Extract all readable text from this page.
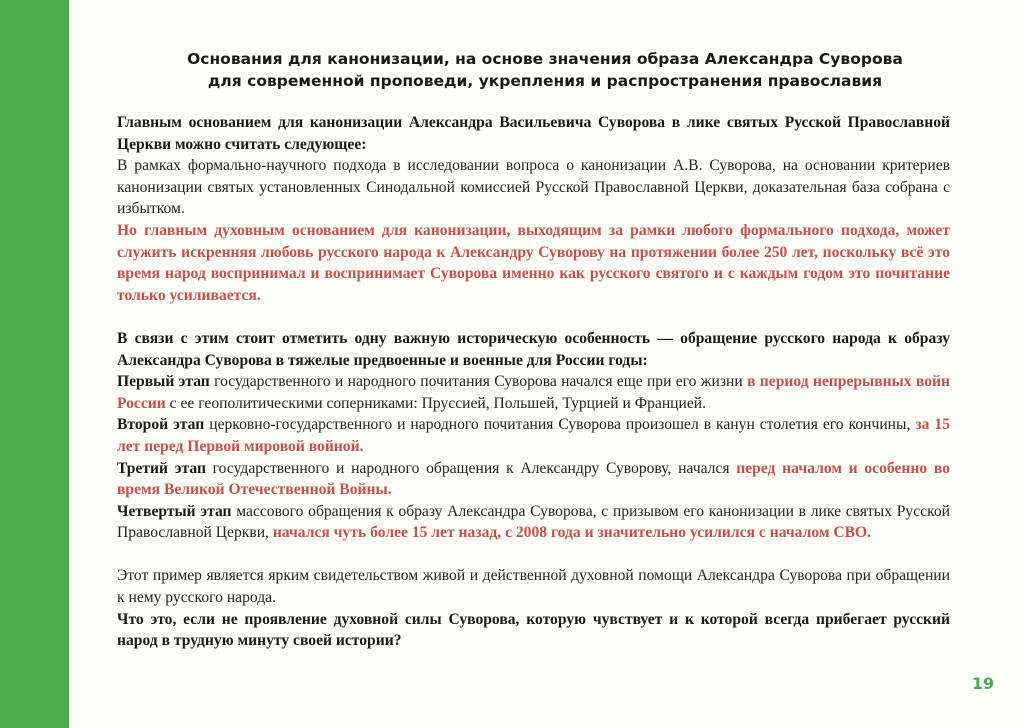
Основания для канонизации, на основе значения образа Александра Суворова
для современной проповеди, укрепления и распространения православия

Главным основанием для канонизации Александра Васильевича Суворова в лике святых Русской Православной Церкви можно считать следующее:

В рамках формально-научного подхода в исследовании вопроса о канонизации А.В. Суворова, на основании критериев канонизации святых установленных Синодальной комиссией Русской Православной Церкви, доказательная база собрана с избытком.

Но главным духовным основанием для канонизации, выходящим за рамки любого формального подхода, может служить искренняя любовь русского народа к Александру Суворову на протяжении более 250 лет, поскольку всё это время народ воспринимал и воспринимает Суворова именно как русского святого и с каждым годом это почитание только усиливается.

В связи с этим стоит отметить одну важную историческую особенность — обращение русского народа к образу Александра Суворова в тяжелые предвоенные и военные для России годы:

Первый этап государственного и народного почитания Суворова начался еще при его жизни в период непрерывных войн России с ее геополитическими соперниками: Пруссией, Польшей, Турцией и Францией.

Второй этап церковно-государственного и народного почитания Суворова произошел в канун столетия его кончины, за 15 лет перед Первой мировой войной.

Третий этап государственного и народного обращения к Александру Суворову, начался перед началом и особенно во время Великой Отечественной Войны.

Четвертый этап массового обращения к образу Александра Суворова, с призывом его канонизации в лике святых Русской Православной Церкви, начался чуть более 15 лет назад, с 2008 года и значительно усилился с началом СВО.

Этот пример является ярким свидетельством живой и действенной духовной помощи Александра Суворова при обращении к нему русского народа.

Что это, если не проявление духовной силы Суворова, которую чувствует и к которой всегда прибегает русский народ в трудную минуту своей истории?

19
